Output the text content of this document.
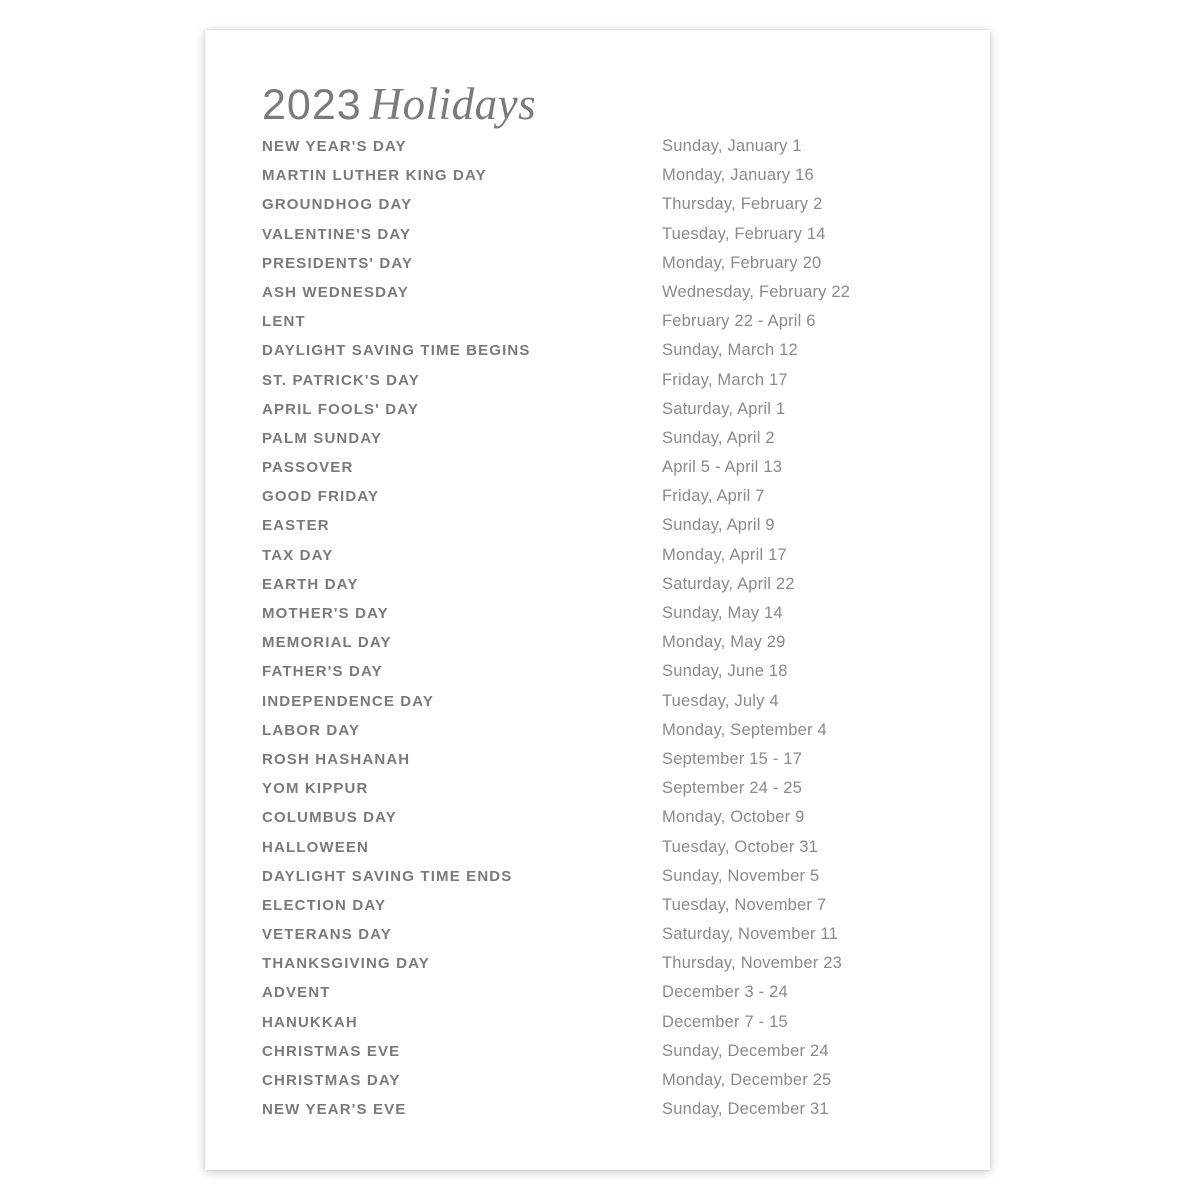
2023 Holidays
NEW YEAR'S DAY	Sunday, January 1
MARTIN LUTHER KING DAY	Monday, January 16
GROUNDHOG DAY	Thursday, February 2
VALENTINE'S DAY	Tuesday, February 14
PRESIDENTS' DAY	Monday, February 20
ASH WEDNESDAY	Wednesday, February 22
LENT	February 22 - April 6
DAYLIGHT SAVING TIME BEGINS	Sunday, March 12
ST. PATRICK'S DAY	Friday, March 17
APRIL FOOLS' DAY	Saturday, April 1
PALM SUNDAY	Sunday, April 2
PASSOVER	April 5 - April 13
GOOD FRIDAY	Friday, April 7
EASTER	Sunday, April 9
TAX DAY	Monday, April 17
EARTH DAY	Saturday, April 22
MOTHER'S DAY	Sunday, May 14
MEMORIAL DAY	Monday, May 29
FATHER'S DAY	Sunday, June 18
INDEPENDENCE DAY	Tuesday, July 4
LABOR DAY	Monday, September 4
ROSH HASHANAH	September 15 - 17
YOM KIPPUR	September 24 - 25
COLUMBUS DAY	Monday, October 9
HALLOWEEN	Tuesday, October 31
DAYLIGHT SAVING TIME ENDS	Sunday, November 5
ELECTION DAY	Tuesday, November 7
VETERANS DAY	Saturday, November 11
THANKSGIVING DAY	Thursday, November 23
ADVENT	December 3 - 24
HANUKKAH	December 7 - 15
CHRISTMAS EVE	Sunday, December 24
CHRISTMAS DAY	Monday, December 25
NEW YEAR'S EVE	Sunday, December 31
